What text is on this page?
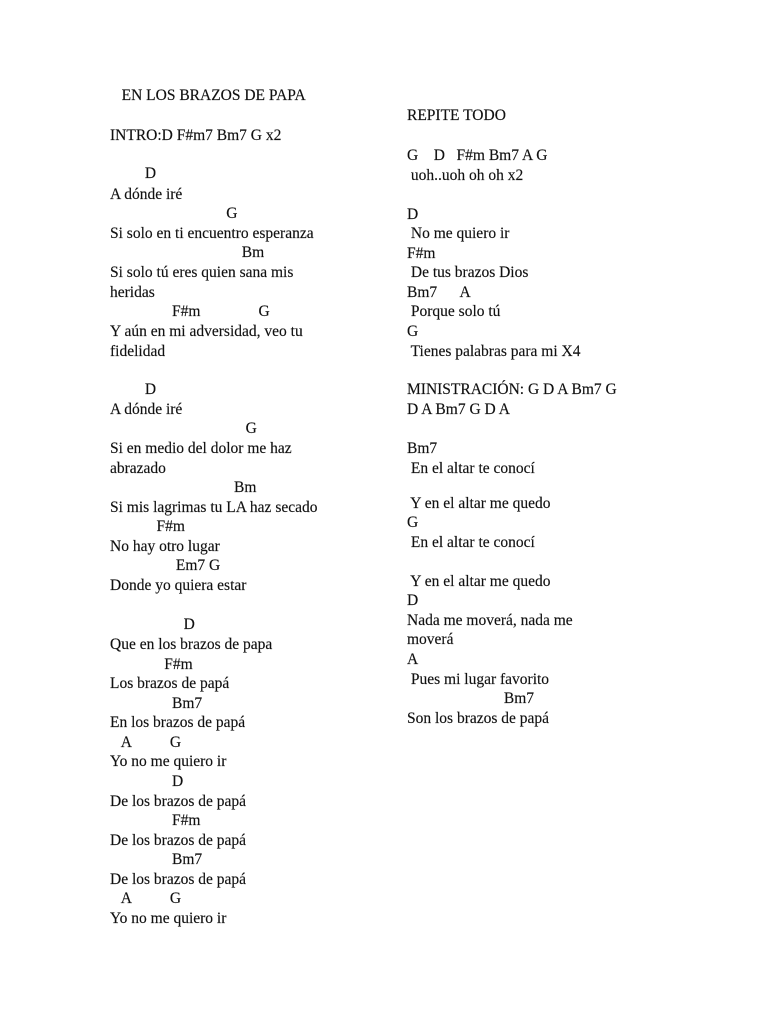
EN LOS BRAZOS DE PAPA
INTRO:D F#m7 Bm7 G x2
D
A dónde iré
G
Si solo en ti encuentro esperanza
Bm
Si solo tú eres quien sana mis
heridas
F#m               G
Y aún en mi adversidad, veo tu
fidelidad
D
A dónde iré
G
Si en medio del dolor me haz
abrazado
Bm
Si mis lagrimas tu LA haz secado
F#m
No hay otro lugar
Em7 G
Donde yo quiera estar
D
Que en los brazos de papa
F#m
Los brazos de papá
Bm7
En los brazos de papá
A          G
Yo no me quiero ir
D
De los brazos de papá
F#m
De los brazos de papá
Bm7
De los brazos de papá
A          G
Yo no me quiero ir
REPITE TODO
G    D   F#m Bm7 A G
uoh..uoh oh oh x2
D
No me quiero ir
F#m
De tus brazos Dios
Bm7      A
Porque solo tú
G
Tienes palabras para mi X4
MINISTRACIÓN: G D A Bm7 G
D A Bm7 G D A
Bm7
En el altar te conocí
Y en el altar me quedo
G
En el altar te conocí
Y en el altar me quedo
D
Nada me moverá, nada me
moverá
A
Pues mi lugar favorito
Bm7
Son los brazos de papá
